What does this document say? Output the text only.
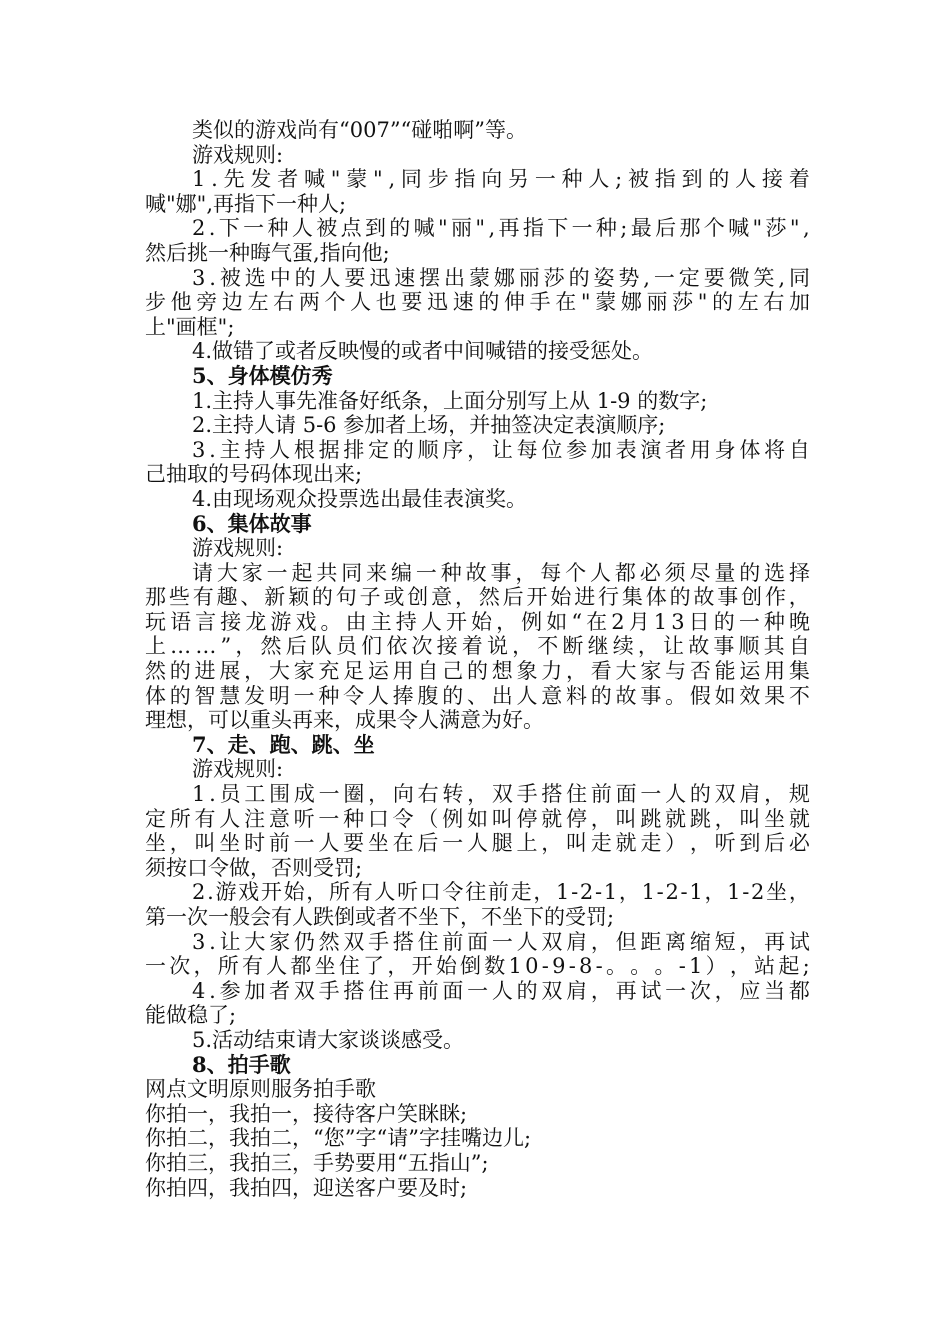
类似的游戏尚有“007”“碰啪啊”等。
游戏规则:
1 . 先 发 者 喊 " 蒙 " , 同 步 指 向 另 一 种 人 ; 被 指 到 的 人 接 着
喊"娜",再指下一种人;
2 . 下 一 种 人 被 点 到 的 喊 " 丽 " , 再 指 下 一 种 ; 最 后 那 个 喊 " 莎 " ,
然后挑一种晦气蛋,指向他;
3 . 被 选 中 的 人 要 迅 速 摆 出 蒙 娜 丽 莎 的 姿 势 , 一 定 要 微 笑 , 同
步 他 旁 边 左 右 两 个 人 也 要 迅 速 的 伸 手 在 " 蒙 娜 丽 莎 " 的 左 右 加
上"画框";
4.做错了或者反映慢的或者中间喊错的接受惩处。
5、身体模仿秀
1.主持人事先准备好纸条，上面分别写上从 1-9 的数字;
2.主持人请 5-6 参加者上场，并抽签决定表演顺序;
3 . 主 持 人 根 据 排 定 的 顺 序 ， 让 每 位 参 加 表 演 者 用 身 体 将 自
己抽取的号码体现出来;
4.由现场观众投票选出最佳表演奖。
6、集体故事
游戏规则:
请 大 家 一 起 共 同 来 编 一 种 故 事 ， 每 个 人 都 必 须 尽 量 的 选 择
那 些 有 趣 、 新 颖 的 句 子 或 创 意 ， 然 后 开 始 进 行 集 体 的 故 事 创 作 ，
玩 语 言 接 龙 游 戏 。 由 主 持 人 开 始 ， 例 如 “ 在 2 月 1 3 日 的 一 种 晚
上 … … ” ， 然 后 队 员 们 依 次 接 着 说 ， 不 断 继 续 ， 让 故 事 顺 其 自
然 的 进 展 ， 大 家 充 足 运 用 自 己 的 想 象 力 ， 看 大 家 与 否 能 运 用 集
体 的 智 慧 发 明 一 种 令 人 捧 腹 的 、 出 人 意 料 的 故 事 。 假 如 效 果 不
理想，可以重头再来，成果令人满意为好。
7、走、跑、跳、坐
游戏规则:
1 . 员 工 围 成 一 圈 ， 向 右 转 ， 双 手 搭 住 前 面 一 人 的 双 肩 ， 规
定 所 有 人 注 意 听 一 种 口 令 （ 例 如 叫 停 就 停 ， 叫 跳 就 跳 ， 叫 坐 就
坐 ， 叫 坐 时 前 一 人 要 坐 在 后 一 人 腿 上 ， 叫 走 就 走 ） ， 听 到 后 必
须按口令做，否则受罚;
2 . 游 戏 开 始 ， 所 有 人 听 口 令 往 前 走 ， 1 - 2 - 1 ， 1 - 2 - 1 ， 1 - 2 坐 ，
第一次一般会有人跌倒或者不坐下，不坐下的受罚;
3 . 让 大 家 仍 然 双 手 搭 住 前 面 一 人 双 肩 ， 但 距 离 缩 短 ， 再 试
一 次 ， 所 有 人 都 坐 住 了 ， 开 始 倒 数 1 0 - 9 - 8 - 。 。 。 - 1 ） ， 站 起 ;
4 . 参 加 者 双 手 搭 住 再 前 面 一 人 的 双 肩 ， 再 试 一 次 ， 应 当 都
能做稳了;
5.活动结束请大家谈谈感受。
8、拍手歌
网点文明原则服务拍手歌
你拍一，我拍一，接待客户笑眯眯;
你拍二，我拍二，“您”字“请”字挂嘴边儿;
你拍三，我拍三，手势要用“五指山”;
你拍四，我拍四，迎送客户要及时;
